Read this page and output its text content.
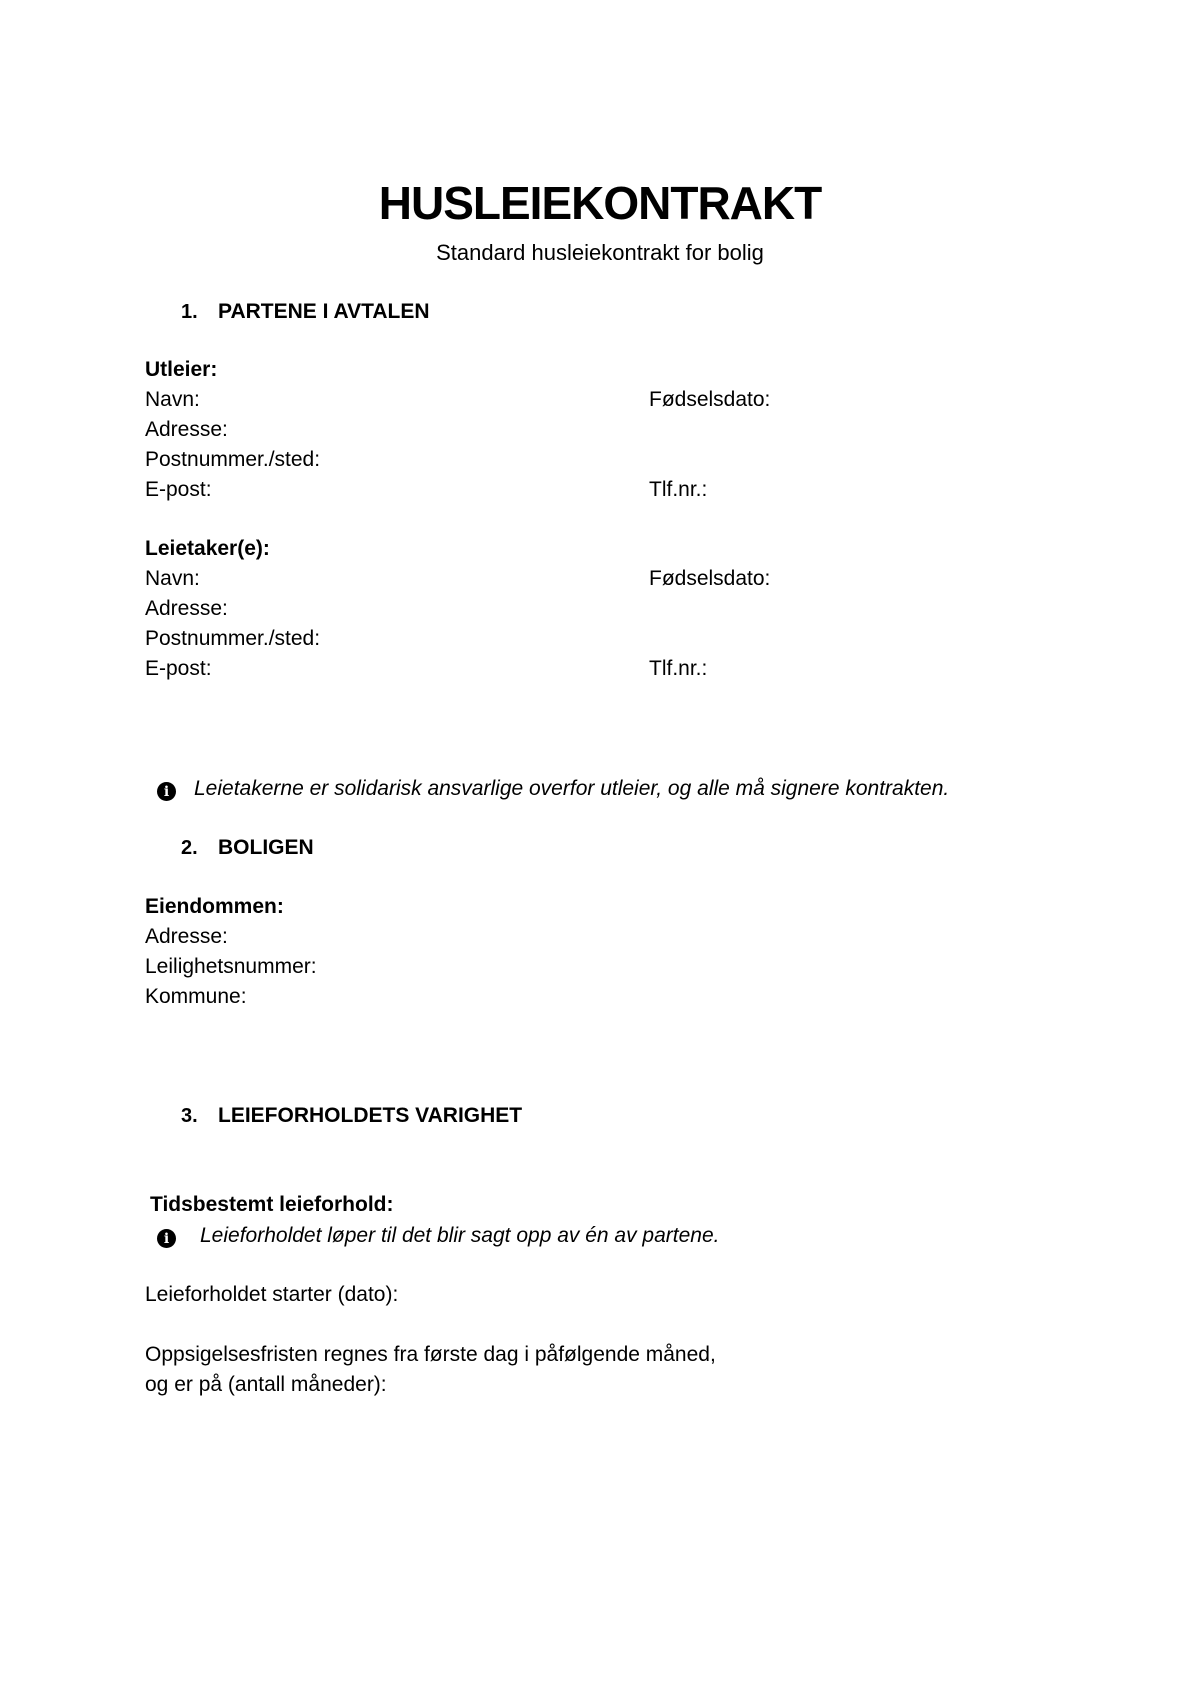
HUSLEIEKONTRAKT
Standard husleiekontrakt for bolig
1. PARTENE I AVTALEN
Utleier:
Navn:	Fødselsdato:
Adresse:
Postnummer./sted:
E-post:	Tlf.nr.:
Leietaker(e):
Navn:	Fødselsdato:
Adresse:
Postnummer./sted:
E-post:	Tlf.nr.:
i	Leietakerne er solidarisk ansvarlige overfor utleier, og alle må signere kontrakten.
2. BOLIGEN
Eiendommen:
Adresse:
Leilighetsnummer:
Kommune:
3. LEIEFORHOLDETS VARIGHET
Tidsbestemt leieforhold:
i	Leieforholdet løper til det blir sagt opp av én av partene.
Leieforholdet starter (dato):
Oppsigelsesfristen regnes fra første dag i påfølgende måned,
og er på (antall måneder):
